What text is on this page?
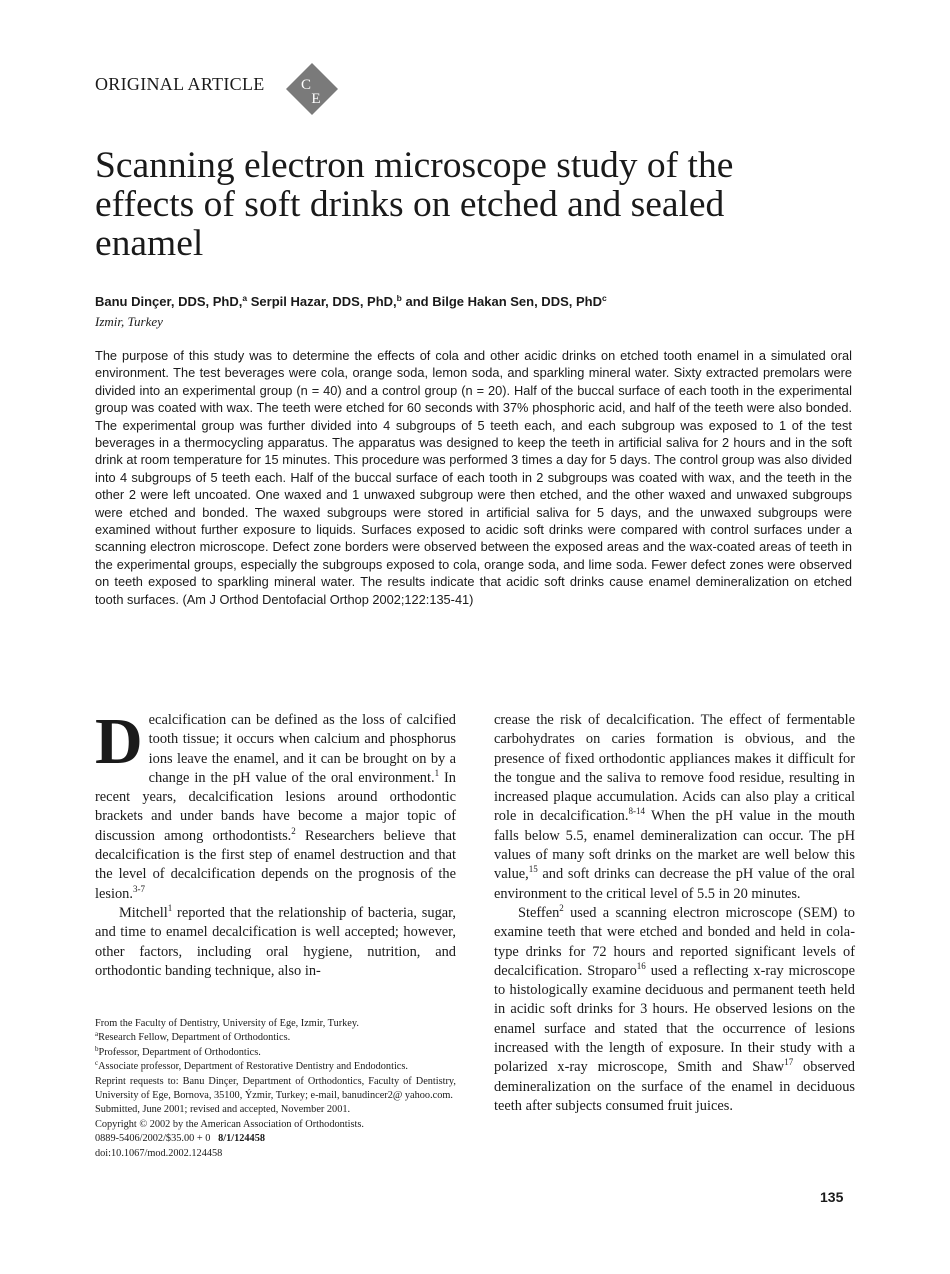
ORIGINAL ARTICLE C
E
Scanning electron microscope study of the effects of soft drinks on etched and sealed enamel
Banu Dinçer, DDS, PhD,$^a$ Serpil Hazar, DDS, PhD,$^b$ and Bilge Hakan Sen, DDS, PhD$^c$
Izmir, Turkey

The purpose of this study was to determine the effects of cola and other acidic drinks on etched tooth enamel in a simulated oral environment. The test beverages were cola, orange soda, lemon soda, and sparkling mineral water. Sixty extracted premolars were divided into an experimental group (n = 40) and a control group (n = 20). Half of the buccal surface of each tooth in the experimental group was coated with wax. The teeth were etched for 60 seconds with 37% phosphoric acid, and half of the teeth were also bonded. The experimental group was further divided into 4 subgroups of 5 teeth each, and each subgroup was exposed to 1 of the test beverages in a thermocycling apparatus. The apparatus was designed to keep the teeth in artificial saliva for 2 hours and in the soft drink at room temperature for 15 minutes. This procedure was performed 3 times a day for 5 days. The control group was also divided into 4 subgroups of 5 teeth each. Half of the buccal surface of each tooth in 2 subgroups was coated with wax, and the teeth in the other 2 were left uncoated. One waxed and 1 unwaxed subgroup were then etched, and the other waxed and unwaxed subgroups were etched and bonded. The waxed subgroups were stored in artificial saliva for 5 days, and the unwaxed subgroups were examined without further exposure to liquids. Surfaces exposed to acidic soft drinks were compared with control surfaces under a scanning electron microscope. Defect zone borders were observed between the exposed areas and the wax-coated areas of teeth in the experimental groups, especially the subgroups exposed to cola, orange soda, and lime soda. Fewer defect zones were observed on teeth exposed to sparkling mineral water. The results indicate that acidic soft drinks cause enamel demineralization on etched tooth surfaces. (Am J Orthod Dentofacial Orthop 2002;122:135-41)

Decalcification can be defined as the loss of calcified tooth tissue; it occurs when calcium and phosphorus ions leave the enamel, and it can be brought on by a change in the pH value of the oral environment.$^1$ In recent years, decalcification lesions around orthodontic brackets and under bands have become a major topic of discussion among orthodontists.$^2$ Researchers believe that decalcification is the first step of enamel destruction and that the level of decalcification depends on the prognosis of the lesion.$^{3-7}$

Mitchell$^1$ reported that the relationship of bacteria, sugar, and time to enamel decalcification is well accepted; however, other factors, including oral hygiene, nutrition, and orthodontic banding technique, also in-

crease the risk of decalcification. The effect of fermentable carbohydrates on caries formation is obvious, and the presence of fixed orthodontic appliances makes it difficult for the tongue and the saliva to remove food residue, resulting in increased plaque accumulation. Acids can also play a critical role in decalcification.$^{8-14}$ When the pH value in the mouth falls below 5.5, enamel demineralization can occur. The pH values of many soft drinks on the market are well below this value,$^{15}$ and soft drinks can decrease the pH value of the oral environment to the critical level of 5.5 in 20 minutes.

Steffen$^2$ used a scanning electron microscope (SEM) to examine teeth that were etched and bonded and held in cola-type drinks for 72 hours and reported significant levels of decalcification. Stroparo$^{16}$ used a reflecting x-ray microscope to histologically examine deciduous and permanent teeth held in acidic soft drinks for 3 hours. He observed lesions on the enamel surface and stated that the occurrence of lesions increased with the length of exposure. In their study with a polarized x-ray microscope, Smith and Shaw$^{17}$ observed demineralization on the surface of the enamel in deciduous teeth after subjects consumed fruit juices.

From the Faculty of Dentistry, University of Ege, Izmir, Turkey.
$^a$Research Fellow, Department of Orthodontics.
$^b$Professor, Department of Orthodontics.
$^c$Associate professor, Department of Restorative Dentistry and Endodontics.
Reprint requests to: Banu Dinçer, Department of Orthodontics, Faculty of Dentistry, University of Ege, Bornova, 35100, Ýzmir, Turkey; e-mail, banudincer2@ yahoo.com.
Submitted, June 2001; revised and accepted, November 2001.
Copyright © 2002 by the American Association of Orthodontists.
0889-5406/2002/$35.00 + 0 8/1/124458
doi:10.1067/mod.2002.124458
135
